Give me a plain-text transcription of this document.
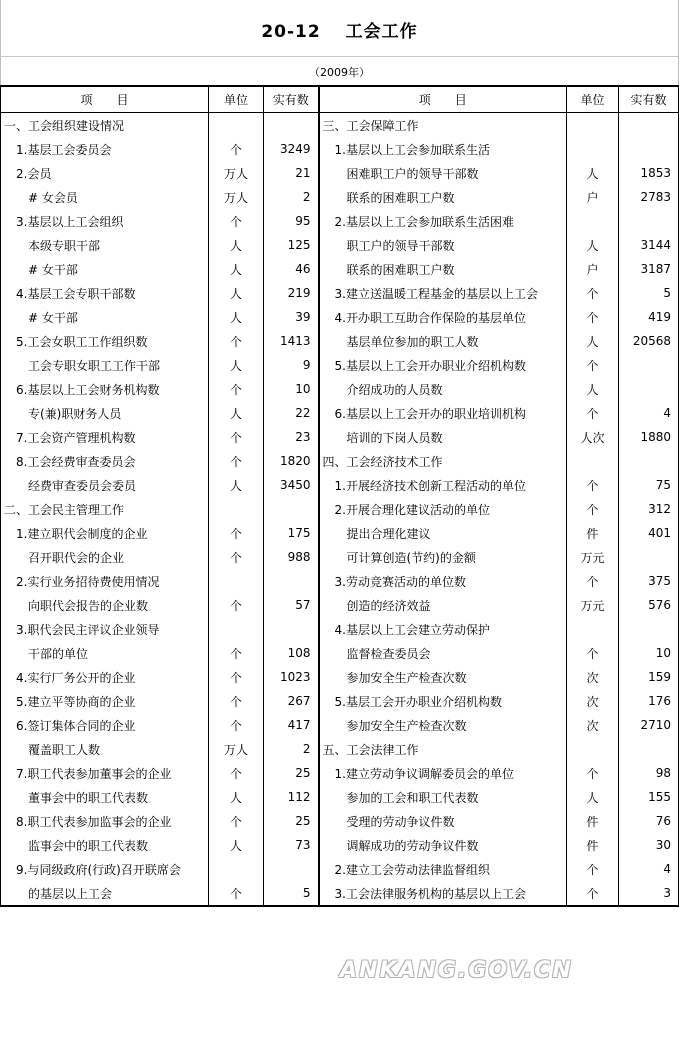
20-12　 工会工作
（2009年）
项　　目	单位	实有数	项　　目	单位	实有数
一、工会组织建设情况			三、工会保障工作		
　1.基层工会委员会	个	3249	　1.基层以上工会参加联系生活		
　2.会员	万人	21	　　困难职工户的领导干部数	人	1853
　　# 女会员	万人	2	　　联系的困难职工户数	户	2783
　3.基层以上工会组织	个	95	　2.基层以上工会参加联系生活困难		
　　本级专职干部	人	125	　　职工户的领导干部数	人	3144
　　# 女干部	人	46	　　联系的困难职工户数	户	3187
　4.基层工会专职干部数	人	219	　3.建立送温暖工程基金的基层以上工会	个	5
　　# 女干部	人	39	　4.开办职工互助合作保险的基层单位	个	419
　5.工会女职工工作组织数	个	1413	　　基层单位参加的职工人数	人	20568
　　工会专职女职工工作干部	人	9	　5.基层以上工会开办职业介绍机构数	个	
　6.基层以上工会财务机构数	个	10	　　介绍成功的人员数	人	
　　专(兼)职财务人员	人	22	　6.基层以上工会开办的职业培训机构	个	4
　7.工会资产管理机构数	个	23	　　培训的下岗人员数	人次	1880
　8.工会经费审查委员会	个	1820	四、工会经济技术工作		
　　经费审查委员会委员	人	3450	　1.开展经济技术创新工程活动的单位	个	75
二、工会民主管理工作			　2.开展合理化建议活动的单位	个	312
　1.建立职代会制度的企业	个	175	　　提出合理化建议	件	401
　　召开职代会的企业	个	988	　　可计算创造(节约)的金额	万元	
　2.实行业务招待费使用情况			　3.劳动竞赛活动的单位数	个	375
　　向职代会报告的企业数	个	57	　　创造的经济效益	万元	576
　3.职代会民主评议企业领导			　4.基层以上工会建立劳动保护		
　　干部的单位	个	108	　　监督检查委员会	个	10
　4.实行厂务公开的企业	个	1023	　　参加安全生产检查次数	次	159
　5.建立平等协商的企业	个	267	　5.基层工会开办职业介绍机构数	次	176
　6.签订集体合同的企业	个	417	　　参加安全生产检查次数	次	2710
　　覆盖职工人数	万人	2	五、工会法律工作		
　7.职工代表参加董事会的企业	个	25	　1.建立劳动争议调解委员会的单位	个	98
　　董事会中的职工代表数	人	112	　　参加的工会和职工代表数	人	155
　8.职工代表参加监事会的企业	个	25	　　受理的劳动争议件数	件	76
　　监事会中的职工代表数	人	73	　　调解成功的劳动争议件数	件	30
　9.与同级政府(行政)召开联席会			　2.建立工会劳动法律监督组织	个	4
　　的基层以上工会	个	5	　3.工会法律服务机构的基层以上工会	个	3
ANKANG.GOV.CN
